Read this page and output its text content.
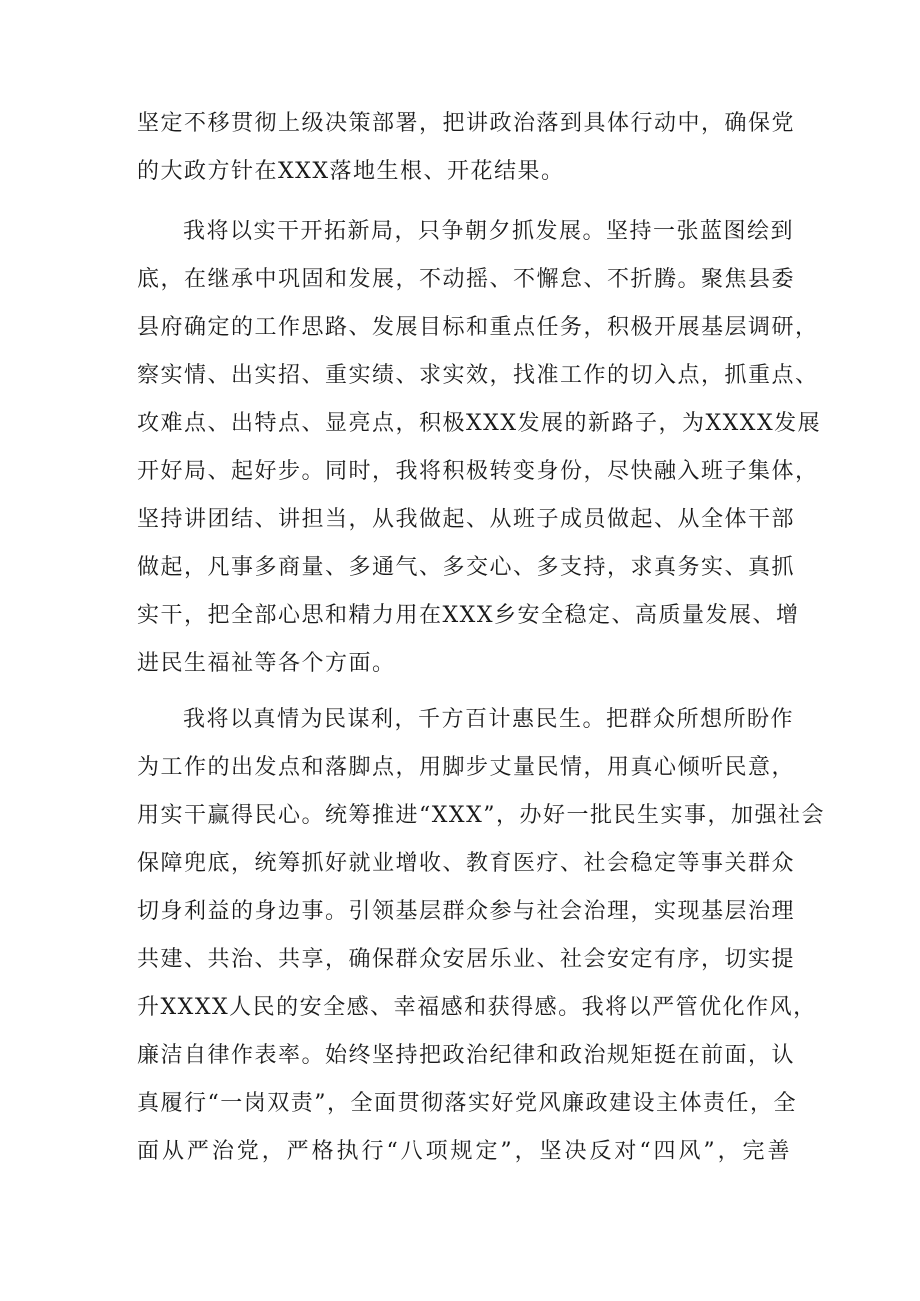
坚定不移贯彻上级决策部署，把讲政治落到具体行动中，确保党
的大政方针在XXX落地生根、开花结果。
我将以实干开拓新局，只争朝夕抓发展。坚持一张蓝图绘到
底，在继承中巩固和发展，不动摇、不懈怠、不折腾。聚焦县委
县府确定的工作思路、发展目标和重点任务，积极开展基层调研，
察实情、出实招、重实绩、求实效，找准工作的切入点，抓重点、
攻难点、出特点、显亮点，积极XXX发展的新路子，为XXXX发展
开好局、起好步。同时，我将积极转变身份，尽快融入班子集体，
坚持讲团结、讲担当，从我做起、从班子成员做起、从全体干部
做起，凡事多商量、多通气、多交心、多支持，求真务实、真抓
实干，把全部心思和精力用在XXX乡安全稳定、高质量发展、增
进民生福祉等各个方面。
我将以真情为民谋利，千方百计惠民生。把群众所想所盼作
为工作的出发点和落脚点，用脚步丈量民情，用真心倾听民意，
用实干赢得民心。统筹推进“XXX”，办好一批民生实事，加强社会
保障兜底，统筹抓好就业增收、教育医疗、社会稳定等事关群众
切身利益的身边事。引领基层群众参与社会治理，实现基层治理
共建、共治、共享，确保群众安居乐业、社会安定有序，切实提
升XXXX人民的安全感、幸福感和获得感。我将以严管优化作风，
廉洁自律作表率。始终坚持把政治纪律和政治规矩挺在前面，认
真履行“一岗双责”，全面贯彻落实好党风廉政建设主体责任，全
面从严治党，严格执行“八项规定”，坚决反对“四风”，完善
